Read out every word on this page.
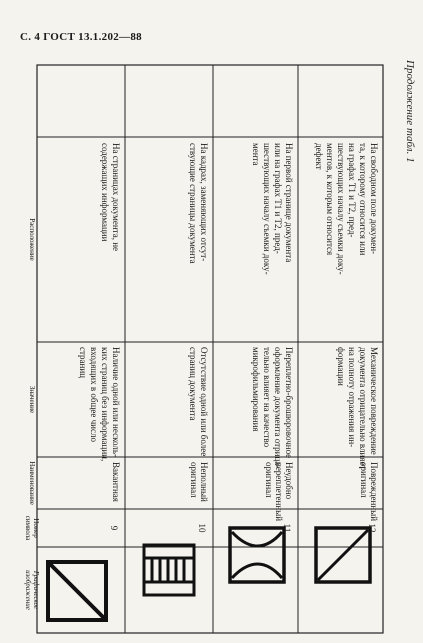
С. 4 ГОСТ 13.1.202—88
Продолжение табл. 1
Графическое
изображение
Номер
символа
Наименование
Значение
Расположение
9
Вакантная
Наличие одной или несколь-
ких страниц без информации,
входящих в общее число
страниц
На страницах документа, не
содержащих информации
10
Неполный
оригинал
Отсутствие одной или более
страниц документа
На кадрах, заменяющих отсут-
ствующие страницы документа
11
Неудобно
переплетенный
оригинал
Переплетно-брошюровочное
оформление документа отрица-
тельно влияет на качество
микрофильмирования
На первой странице документа
или на графах Т1 и Т2, пред-
шествующих началу съемки доку-
мента
12
Поврежденный
оригинал
Механическое повреждение
документа отрицательно влияет
на полноту отражения ин-
формации
На свободном поле докумен-
та, к которому относится или
на графах Т1 и Т2, пред-
шествующих началу съемки доку-
ментов, к которым относится
дефект
